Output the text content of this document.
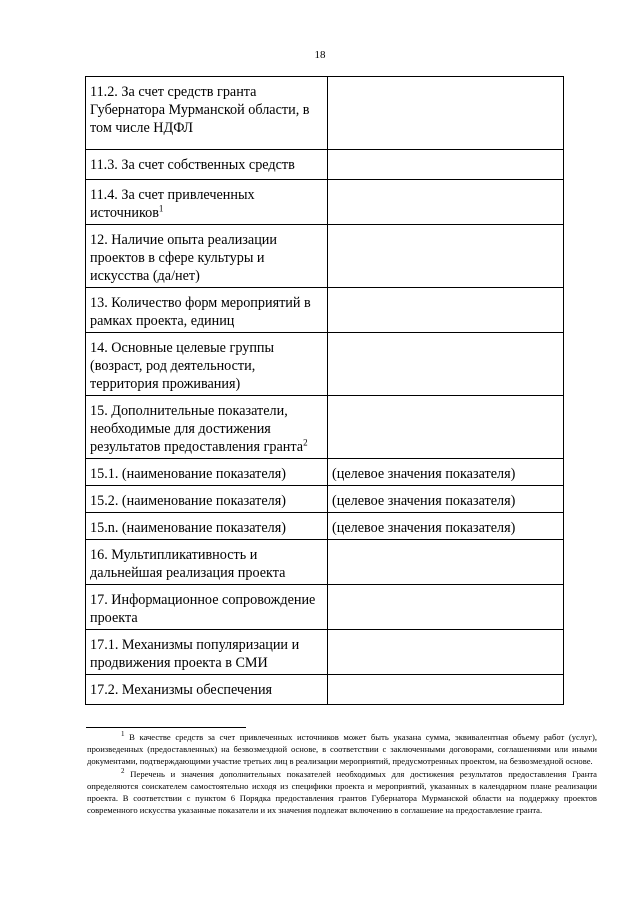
18
11.2. За счет средств гранта Губернатора Мурманской области, в том числе НДФЛ	
11.3. За счет собственных средств	
11.4. За счет привлеченных источников$^1$	
12. Наличие опыта реализации проектов в сфере культуры и искусства (да/нет)	
13. Количество форм мероприятий в рамках проекта, единиц	
14. Основные целевые группы (возраст, род деятельности, территория проживания)	
15. Дополнительные показатели, необходимые для достижения результатов предоставления гранта$^2$	
15.1. (наименование показателя)	(целевое значения показателя)
15.2. (наименование показателя)	(целевое значения показателя)
15.n. (наименование показателя)	(целевое значения показателя)
16. Мультипликативность и дальнейшая реализация проекта	
17. Информационное сопровождение проекта	
17.1. Механизмы популяризации и продвижения проекта в СМИ	
17.2. Механизмы обеспечения	

$^1$ В качестве средств за счет привлеченных источников может быть указана сумма, эквивалентная объему работ (услуг), произведенных (предоставленных) на безвозмездной основе, в соответствии с заключенными договорами, соглашениями или иными документами, подтверждающими участие третьих лиц в реализации мероприятий, предусмотренных проектом, на безвозмездной основе.

$^2$ Перечень и значения дополнительных показателей необходимых для достижения результатов предоставления Гранта определяются соискателем самостоятельно исходя из специфики проекта и мероприятий, указанных в календарном плане реализации проекта. В соответствии с пунктом 6 Порядка предоставления грантов Губернатора Мурманской области на поддержку проектов современного искусства указанные показатели и их значения подлежат включению в соглашение на предоставление гранта.
